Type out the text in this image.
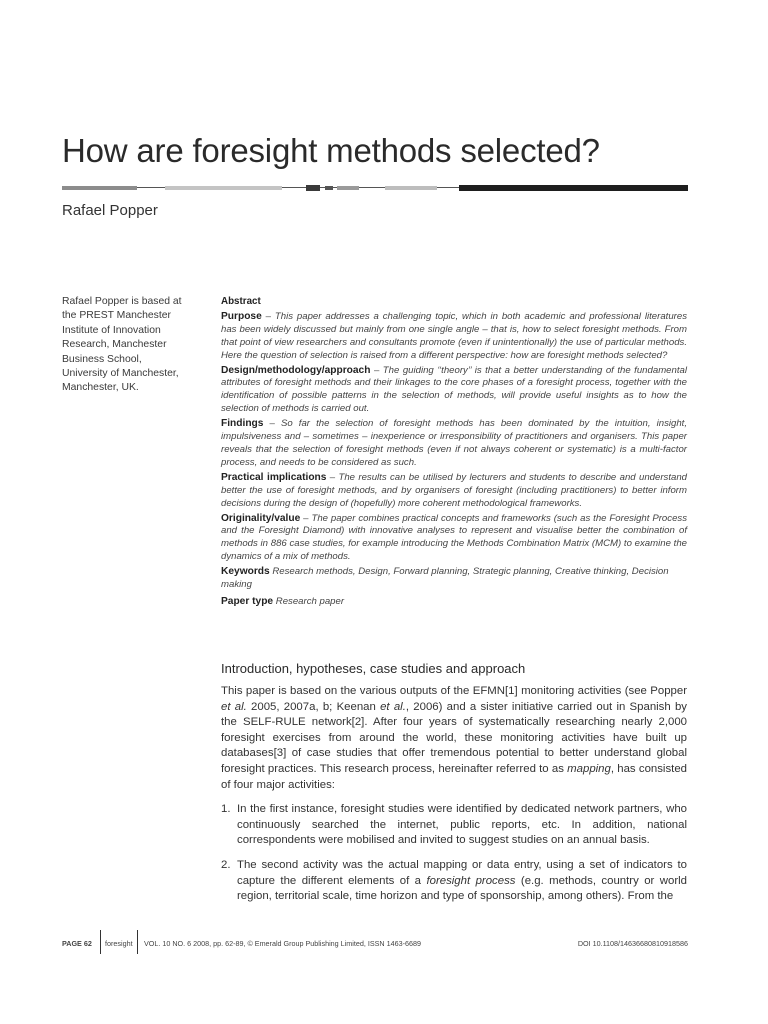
How are foresight methods selected?
Rafael Popper
Rafael Popper is based at the PREST Manchester Institute of Innovation Research, Manchester Business School, University of Manchester, Manchester, UK.
Abstract

Purpose – This paper addresses a challenging topic, which in both academic and professional literatures has been widely discussed but mainly from one single angle – that is, how to select foresight methods. From that point of view researchers and consultants promote (even if unintentionally) the use of particular methods. Here the question of selection is raised from a different perspective: how are foresight methods selected?

Design/methodology/approach – The guiding ‘‘theory’’ is that a better understanding of the fundamental attributes of foresight methods and their linkages to the core phases of a foresight process, together with the identification of possible patterns in the selection of methods, will provide useful insights as to how the selection of methods is carried out.

Findings – So far the selection of foresight methods has been dominated by the intuition, insight, impulsiveness and – sometimes – inexperience or irresponsibility of practitioners and organisers. This paper reveals that the selection of foresight methods (even if not always coherent or systematic) is a multi-factor process, and needs to be considered as such.

Practical implications – The results can be utilised by lecturers and students to describe and understand better the use of foresight methods, and by organisers of foresight (including practitioners) to better inform decisions during the design of (hopefully) more coherent methodological frameworks.

Originality/value – The paper combines practical concepts and frameworks (such as the Foresight Process and the Foresight Diamond) with innovative analyses to represent and visualise better the combination of methods in 886 case studies, for example introducing the Methods Combination Matrix (MCM) to examine the dynamics of a mix of methods.

Keywords Research methods, Design, Forward planning, Strategic planning, Creative thinking, Decision making

Paper type Research paper

Introduction, hypotheses, case studies and approach

This paper is based on the various outputs of the EFMN[1] monitoring activities (see Popper et al. 2005, 2007a, b; Keenan et al., 2006) and a sister initiative carried out in Spanish by the SELF-RULE network[2]. After four years of systematically researching nearly 2,000 foresight exercises from around the world, these monitoring activities have built up databases[3] of case studies that offer tremendous potential to better understand global foresight practices. This research process, hereinafter referred to as mapping, has consisted of four major activities:

1. In the first instance, foresight studies were identified by dedicated network partners, who continuously searched the internet, public reports, etc. In addition, national correspondents were mobilised and invited to suggest studies on an annual basis.
2. The second activity was the actual mapping or data entry, using a set of indicators to capture the different elements of a foresight process (e.g. methods, country or world region, territorial scale, time horizon and type of sponsorship, among others). From the
PAGE 62 foresight VOL. 10 NO. 6 2008, pp. 62-89, © Emerald Group Publishing Limited, ISSN 1463-6689	DOI 10.1108/14636680810918586
